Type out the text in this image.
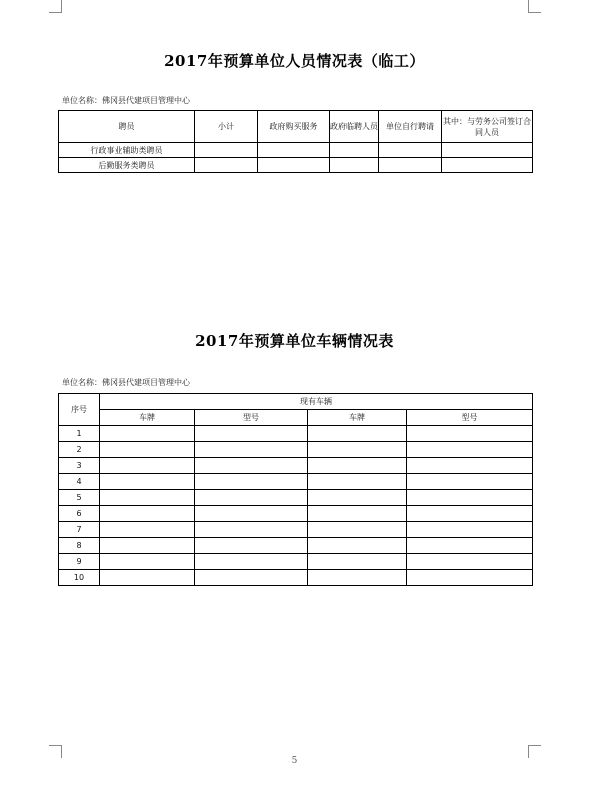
2017年预算单位人员情况表（临工）
单位名称：佛冈县代建项目管理中心
聘员	小计	政府购买服务	政府临聘人员	单位自行聘请	其中：与劳务公司签订合同人员
行政事业辅助类聘员					
后勤服务类聘员					
2017年预算单位车辆情况表
单位名称：佛冈县代建项目管理中心
序号	现有车辆			
	车牌	型号	车牌	型号
1				
2				
3				
4				
5				
6				
7				
8				
9				
10				
5
